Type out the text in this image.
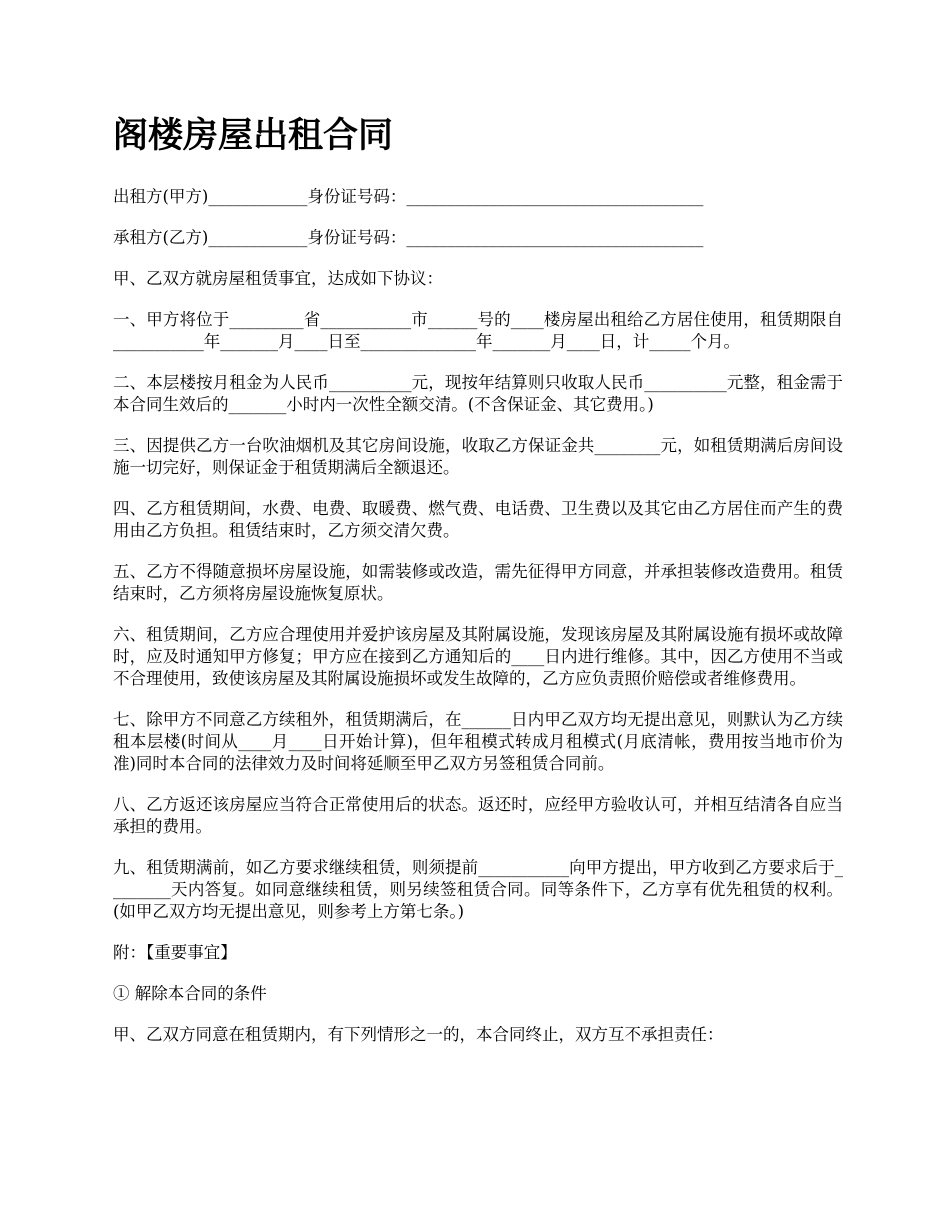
阁楼房屋出租合同

出租方(甲方)____________身份证号码：____________________________________

承租方(乙方)____________身份证号码：____________________________________

甲、乙双方就房屋租赁事宜，达成如下协议：

一、甲方将位于_________省___________市______号的____楼房屋出租给乙方居住使用，租赁期限自___________年_______月____日至______________年_______月____日，计_____个月。

二、本层楼按月租金为人民币__________元，现按年结算则只收取人民币__________元整，租金需于本合同生效后的_______小时内一次性全额交清。(不含保证金、其它费用。)

三、因提供乙方一台吹油烟机及其它房间设施，收取乙方保证金共________元，如租赁期满后房间设施一切完好，则保证金于租赁期满后全额退还。

四、乙方租赁期间，水费、电费、取暖费、燃气费、电话费、卫生费以及其它由乙方居住而产生的费用由乙方负担。租赁结束时，乙方须交清欠费。

五、乙方不得随意损坏房屋设施，如需装修或改造，需先征得甲方同意，并承担装修改造费用。租赁结束时，乙方须将房屋设施恢复原状。

六、租赁期间，乙方应合理使用并爱护该房屋及其附属设施，发现该房屋及其附属设施有损坏或故障时，应及时通知甲方修复；甲方应在接到乙方通知后的____日内进行维修。其中，因乙方使用不当或不合理使用，致使该房屋及其附属设施损坏或发生故障的，乙方应负责照价赔偿或者维修费用。

七、除甲方不同意乙方续租外，租赁期满后，在______日内甲乙双方均无提出意见，则默认为乙方续租本层楼(时间从____月____日开始计算)，但年租模式转成月租模式(月底清帐，费用按当地市价为准)同时本合同的法律效力及时间将延顺至甲乙双方另签租赁合同前。

八、乙方返还该房屋应当符合正常使用后的状态。返还时，应经甲方验收认可，并相互结清各自应当承担的费用。

九、租赁期满前，如乙方要求继续租赁，则须提前___________向甲方提出，甲方收到乙方要求后于________天内答复。如同意继续租赁，则另续签租赁合同。同等条件下，乙方享有优先租赁的权利。(如甲乙双方均无提出意见，则参考上方第七条。)

附：【重要事宜】

① 解除本合同的条件

甲、乙双方同意在租赁期内，有下列情形之一的，本合同终止，双方互不承担责任：
